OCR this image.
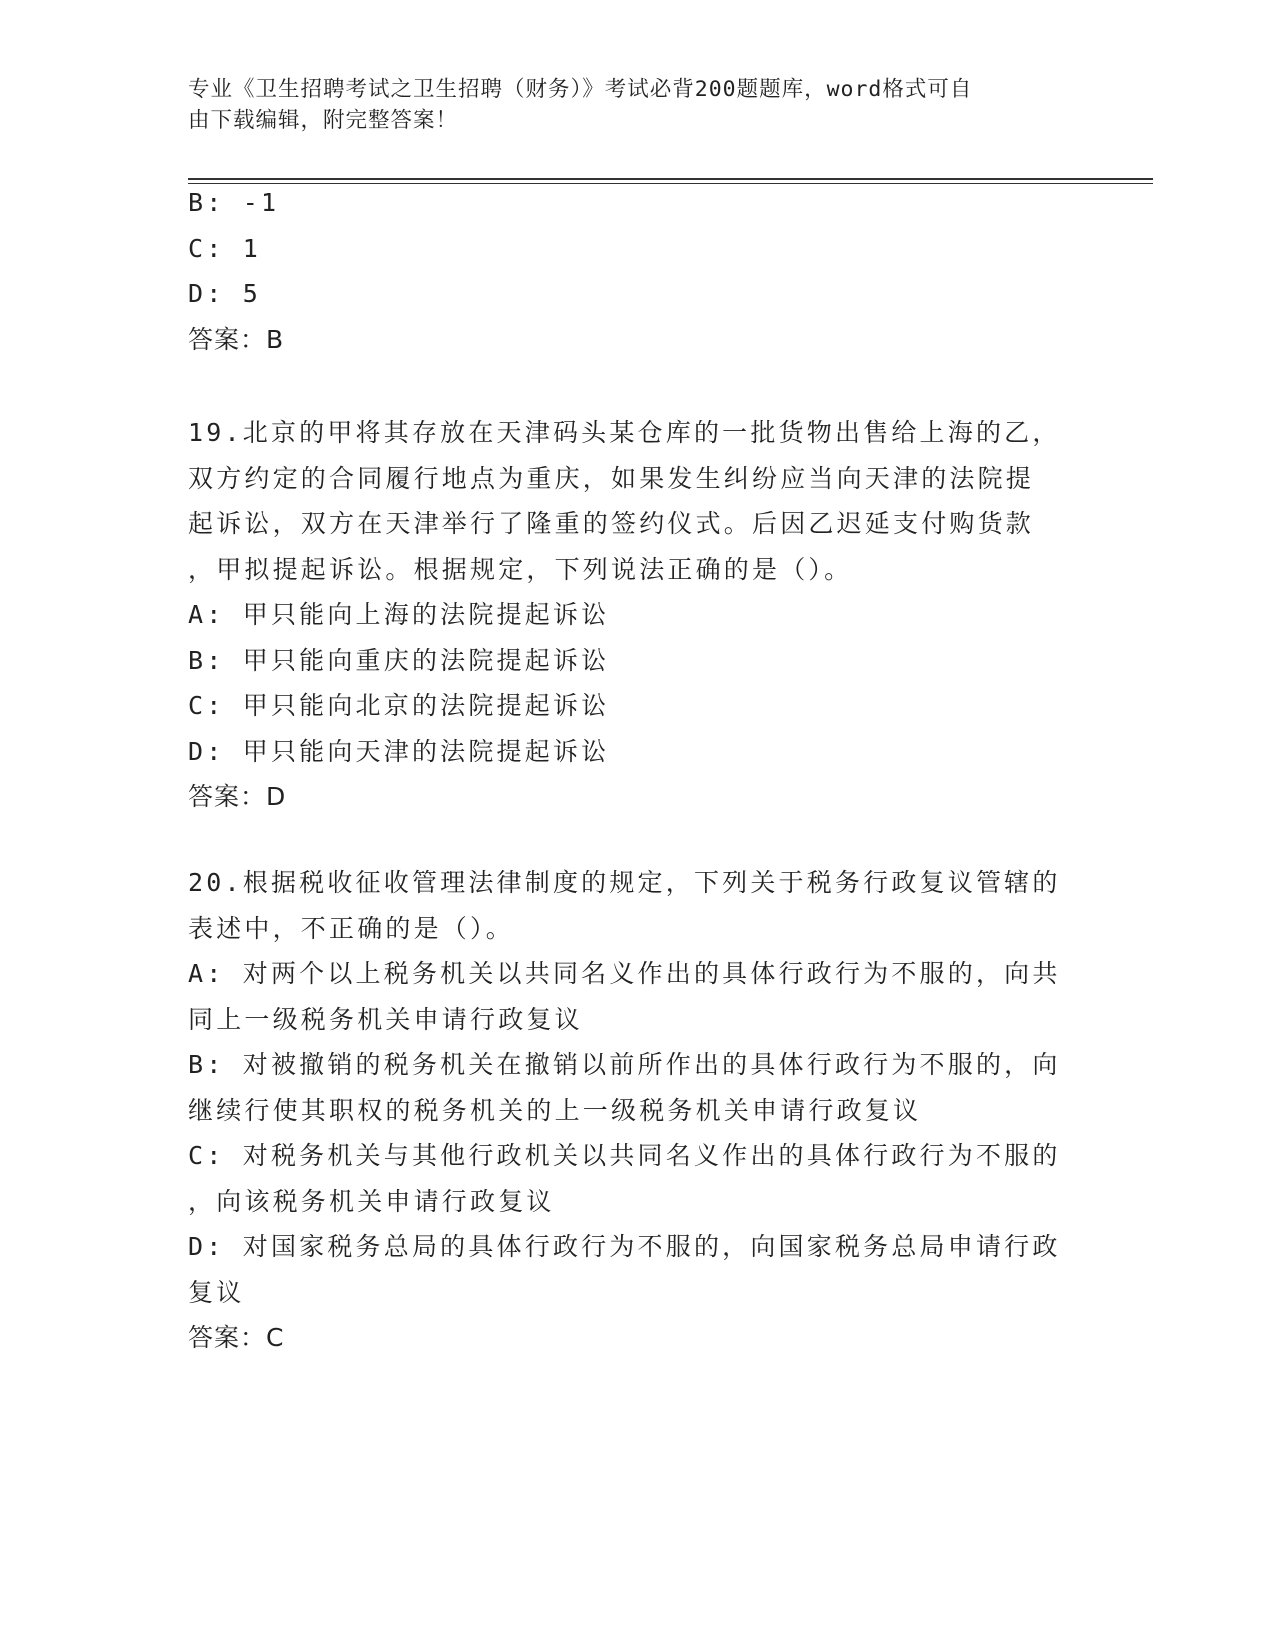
专业《卫生招聘考试之卫生招聘（财务）》考试必背200题题库，word格式可自
由下载编辑，附完整答案！
B: -1
C: 1
D: 5
答案：B
19.北京的甲将其存放在天津码头某仓库的一批货物出售给上海的乙，
双方约定的合同履行地点为重庆，如果发生纠纷应当向天津的法院提
起诉讼，双方在天津举行了隆重的签约仪式。后因乙迟延支付购货款
，甲拟提起诉讼。根据规定，下列说法正确的是（）。
A: 甲只能向上海的法院提起诉讼
B: 甲只能向重庆的法院提起诉讼
C: 甲只能向北京的法院提起诉讼
D: 甲只能向天津的法院提起诉讼
答案：D
20.根据税收征收管理法律制度的规定，下列关于税务行政复议管辖的
表述中，不正确的是（）。
A: 对两个以上税务机关以共同名义作出的具体行政行为不服的，向共
同上一级税务机关申请行政复议
B: 对被撤销的税务机关在撤销以前所作出的具体行政行为不服的，向
继续行使其职权的税务机关的上一级税务机关申请行政复议
C: 对税务机关与其他行政机关以共同名义作出的具体行政行为不服的
，向该税务机关申请行政复议
D: 对国家税务总局的具体行政行为不服的，向国家税务总局申请行政
复议
答案：C
